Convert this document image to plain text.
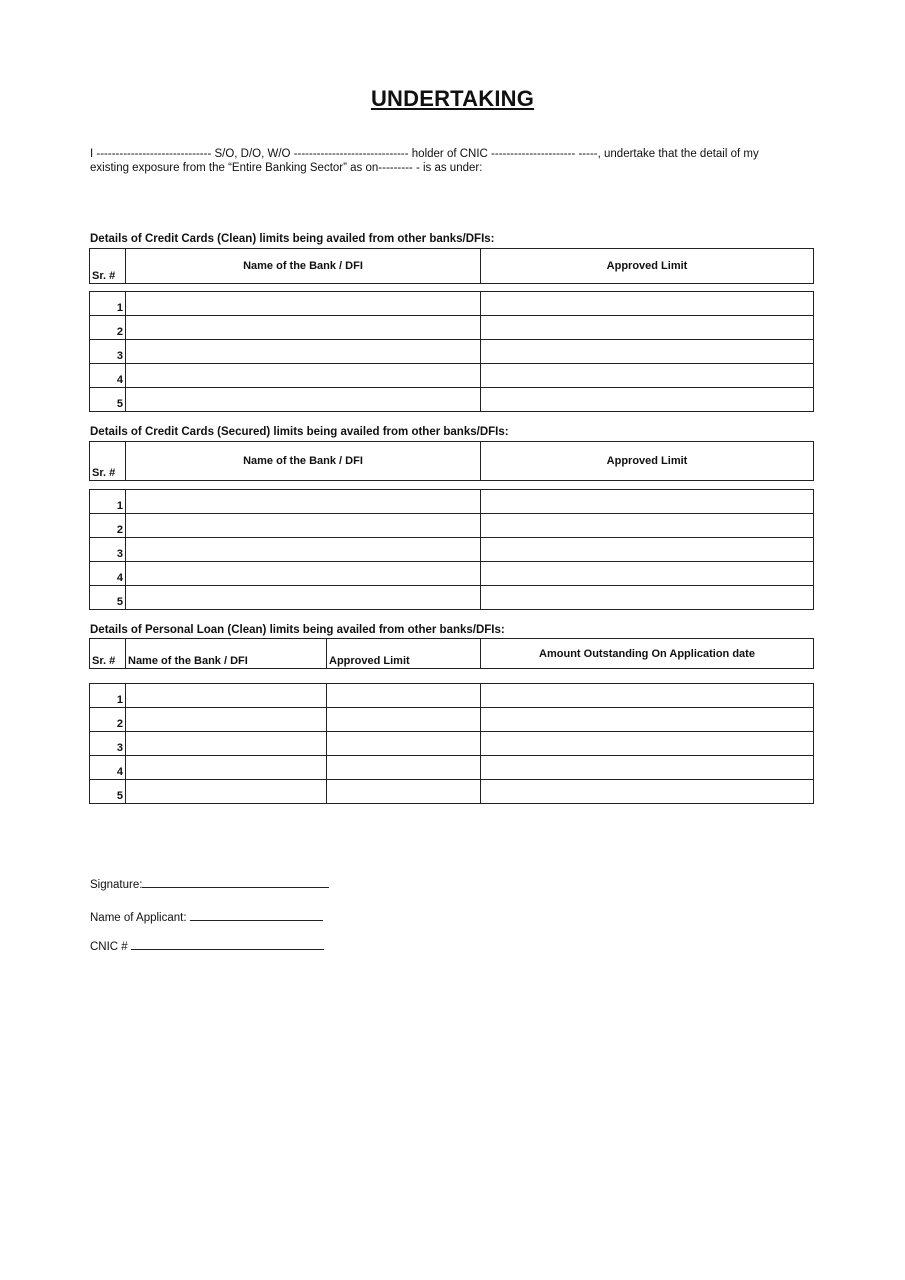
UNDERTAKING
I ------------------------------ S/O, D/O, W/O ------------------------------ holder of CNIC ---------------------- -----, undertake that the detail of my
existing exposure from the “Entire Banking Sector” as on--------- - is as under:
Details of Credit Cards (Clean) limits being availed from other banks/DFIs:
Sr. #	Name of the Bank / DFI	Approved Limit
1		
2		
3		
4		
5		
Details of Credit Cards (Secured) limits being availed from other banks/DFIs:
Sr. #	Name of the Bank / DFI	Approved Limit
1		
2		
3		
4		
5		
Details of Personal Loan (Clean) limits being availed from other banks/DFIs:
Sr. #	Name of the Bank / DFI	Approved Limit	Amount Outstanding On Application date
1			
2			
3			
4			
5			
Signature:
Name of Applicant:
CNIC #
